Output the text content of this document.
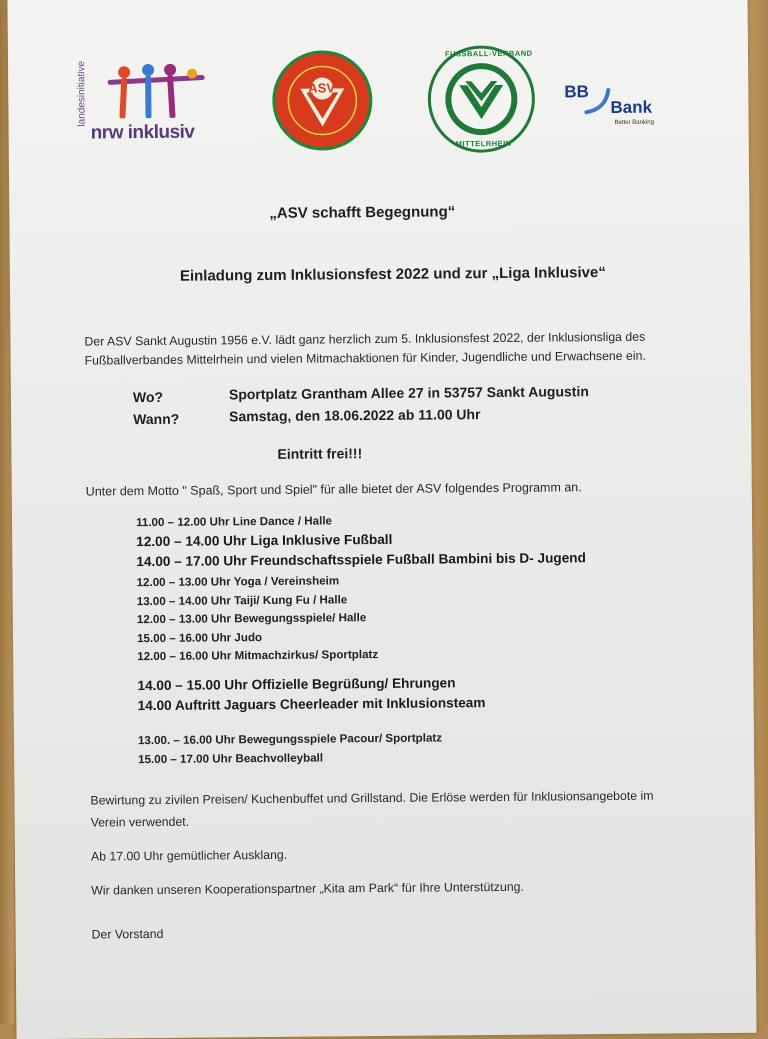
landesinitiative
nrw inklusiv
ASV
FUSSBALL-VERBAND
MITTELRHEIN
BB
Bank
Better Banking
„ASV schafft Begegnung“
Einladung zum Inklusionsfest 2022 und zur „Liga Inklusive“
Der ASV Sankt Augustin 1956 e.V. lädt ganz herzlich zum 5. Inklusionsfest 2022, der Inklusionsliga des
Fußballverbandes Mittelrhein und vielen Mitmachaktionen für Kinder, Jugendliche und Erwachsene ein.
Wo?	Sportplatz Grantham Allee 27 in 53757 Sankt Augustin
Wann?	Samstag, den 18.06.2022 ab 11.00 Uhr
Eintritt frei!!!
Unter dem Motto " Spaß, Sport und Spiel" für alle bietet der ASV folgendes Programm an.
11.00 – 12.00 Uhr Line Dance / Halle
12.00 – 14.00 Uhr Liga Inklusive Fußball
14.00 – 17.00 Uhr Freundschaftsspiele Fußball Bambini bis D- Jugend
12.00 – 13.00 Uhr Yoga / Vereinsheim
13.00 – 14.00 Uhr Taiji/ Kung Fu / Halle
12.00 – 13.00 Uhr Bewegungsspiele/ Halle
15.00 – 16.00 Uhr Judo
12.00 – 16.00 Uhr Mitmachzirkus/ Sportplatz
14.00 – 15.00 Uhr Offizielle Begrüßung/ Ehrungen
14.00 Auftritt Jaguars Cheerleader mit Inklusionsteam
13.00. – 16.00 Uhr Bewegungsspiele Pacour/ Sportplatz
15.00 – 17.00 Uhr Beachvolleyball
Bewirtung zu zivilen Preisen/ Kuchenbuffet und Grillstand. Die Erlöse werden für Inklusionsangebote im
Verein verwendet.
Ab 17.00 Uhr gemütlicher Ausklang.
Wir danken unseren Kooperationspartner „Kita am Park“ für Ihre Unterstützung.
Der Vorstand
